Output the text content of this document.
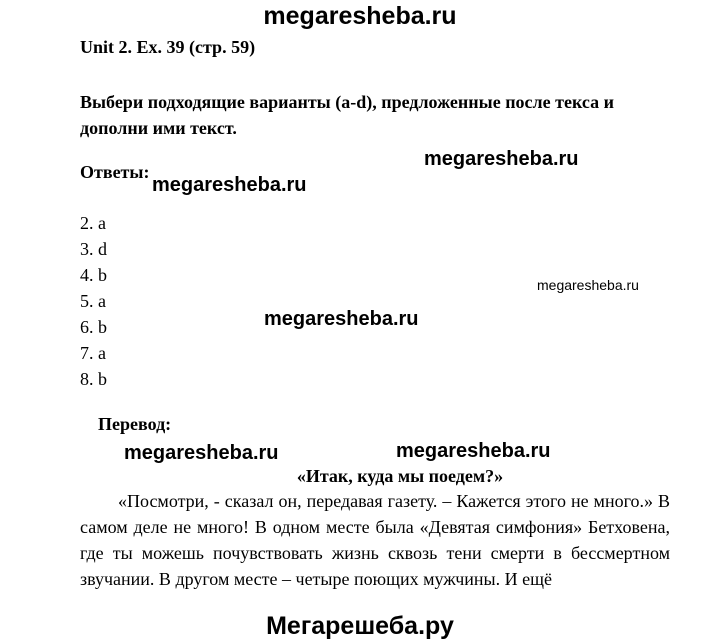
megaresheba.ru
Unit 2. Ex. 39 (стр. 59)
Выбери подходящие варианты (a-d), предложенные после текса и дополни ими текст.
Ответы:
2. a
3. d
4. b
5. a
6. b
7. a
8. b
Перевод:
«Итак, куда мы поедем?»

«Посмотри, - сказал он, передавая газету. – Кажется этого не много.» В самом деле не много! В одном месте была «Девятая симфония» Бетховена, где ты можешь почувствовать жизнь сквозь тени смерти в бессмертном звучании. В другом месте – четыре поющих мужчины. И ещё

megaresheba.ru
megaresheba.ru
megaresheba.ru
megaresheba.ru
megaresheba.ru	megaresheba.ru
Мегарешеба.ру
